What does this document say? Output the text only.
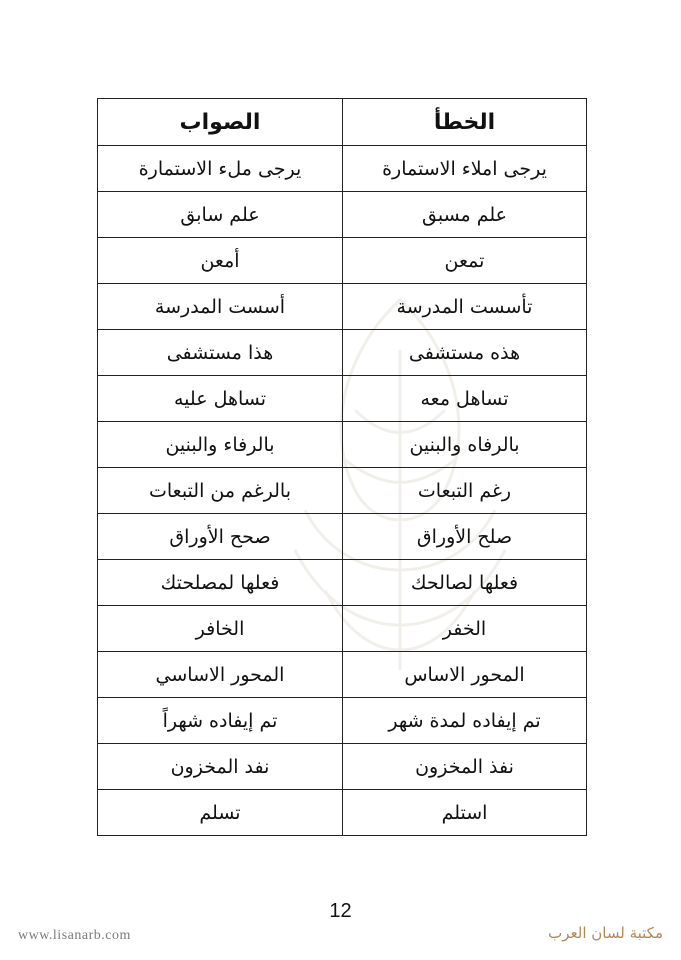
الخطأ	الصواب
يرجى املاء الاستمارة	يرجى ملء الاستمارة
علم مسبق	علم سابق
تمعن	أمعن
تأسست المدرسة	أسست المدرسة
هذه مستشفى	هذا مستشفى
تساهل معه	تساهل عليه
بالرفاه والبنين	بالرفاء والبنين
رغم التبعات	بالرغم من التبعات
صلح الأوراق	صحح الأوراق
فعلها لصالحك	فعلها لمصلحتك
الخفر	الخافر
المحور الاساس	المحور الاساسي
تم إيفاده لمدة شهر	تم إيفاده شهراً
نفذ المخزون	نفد المخزون
استلم	تسلم
12
www.lisanarb.com	مكتبة لسان العرب
